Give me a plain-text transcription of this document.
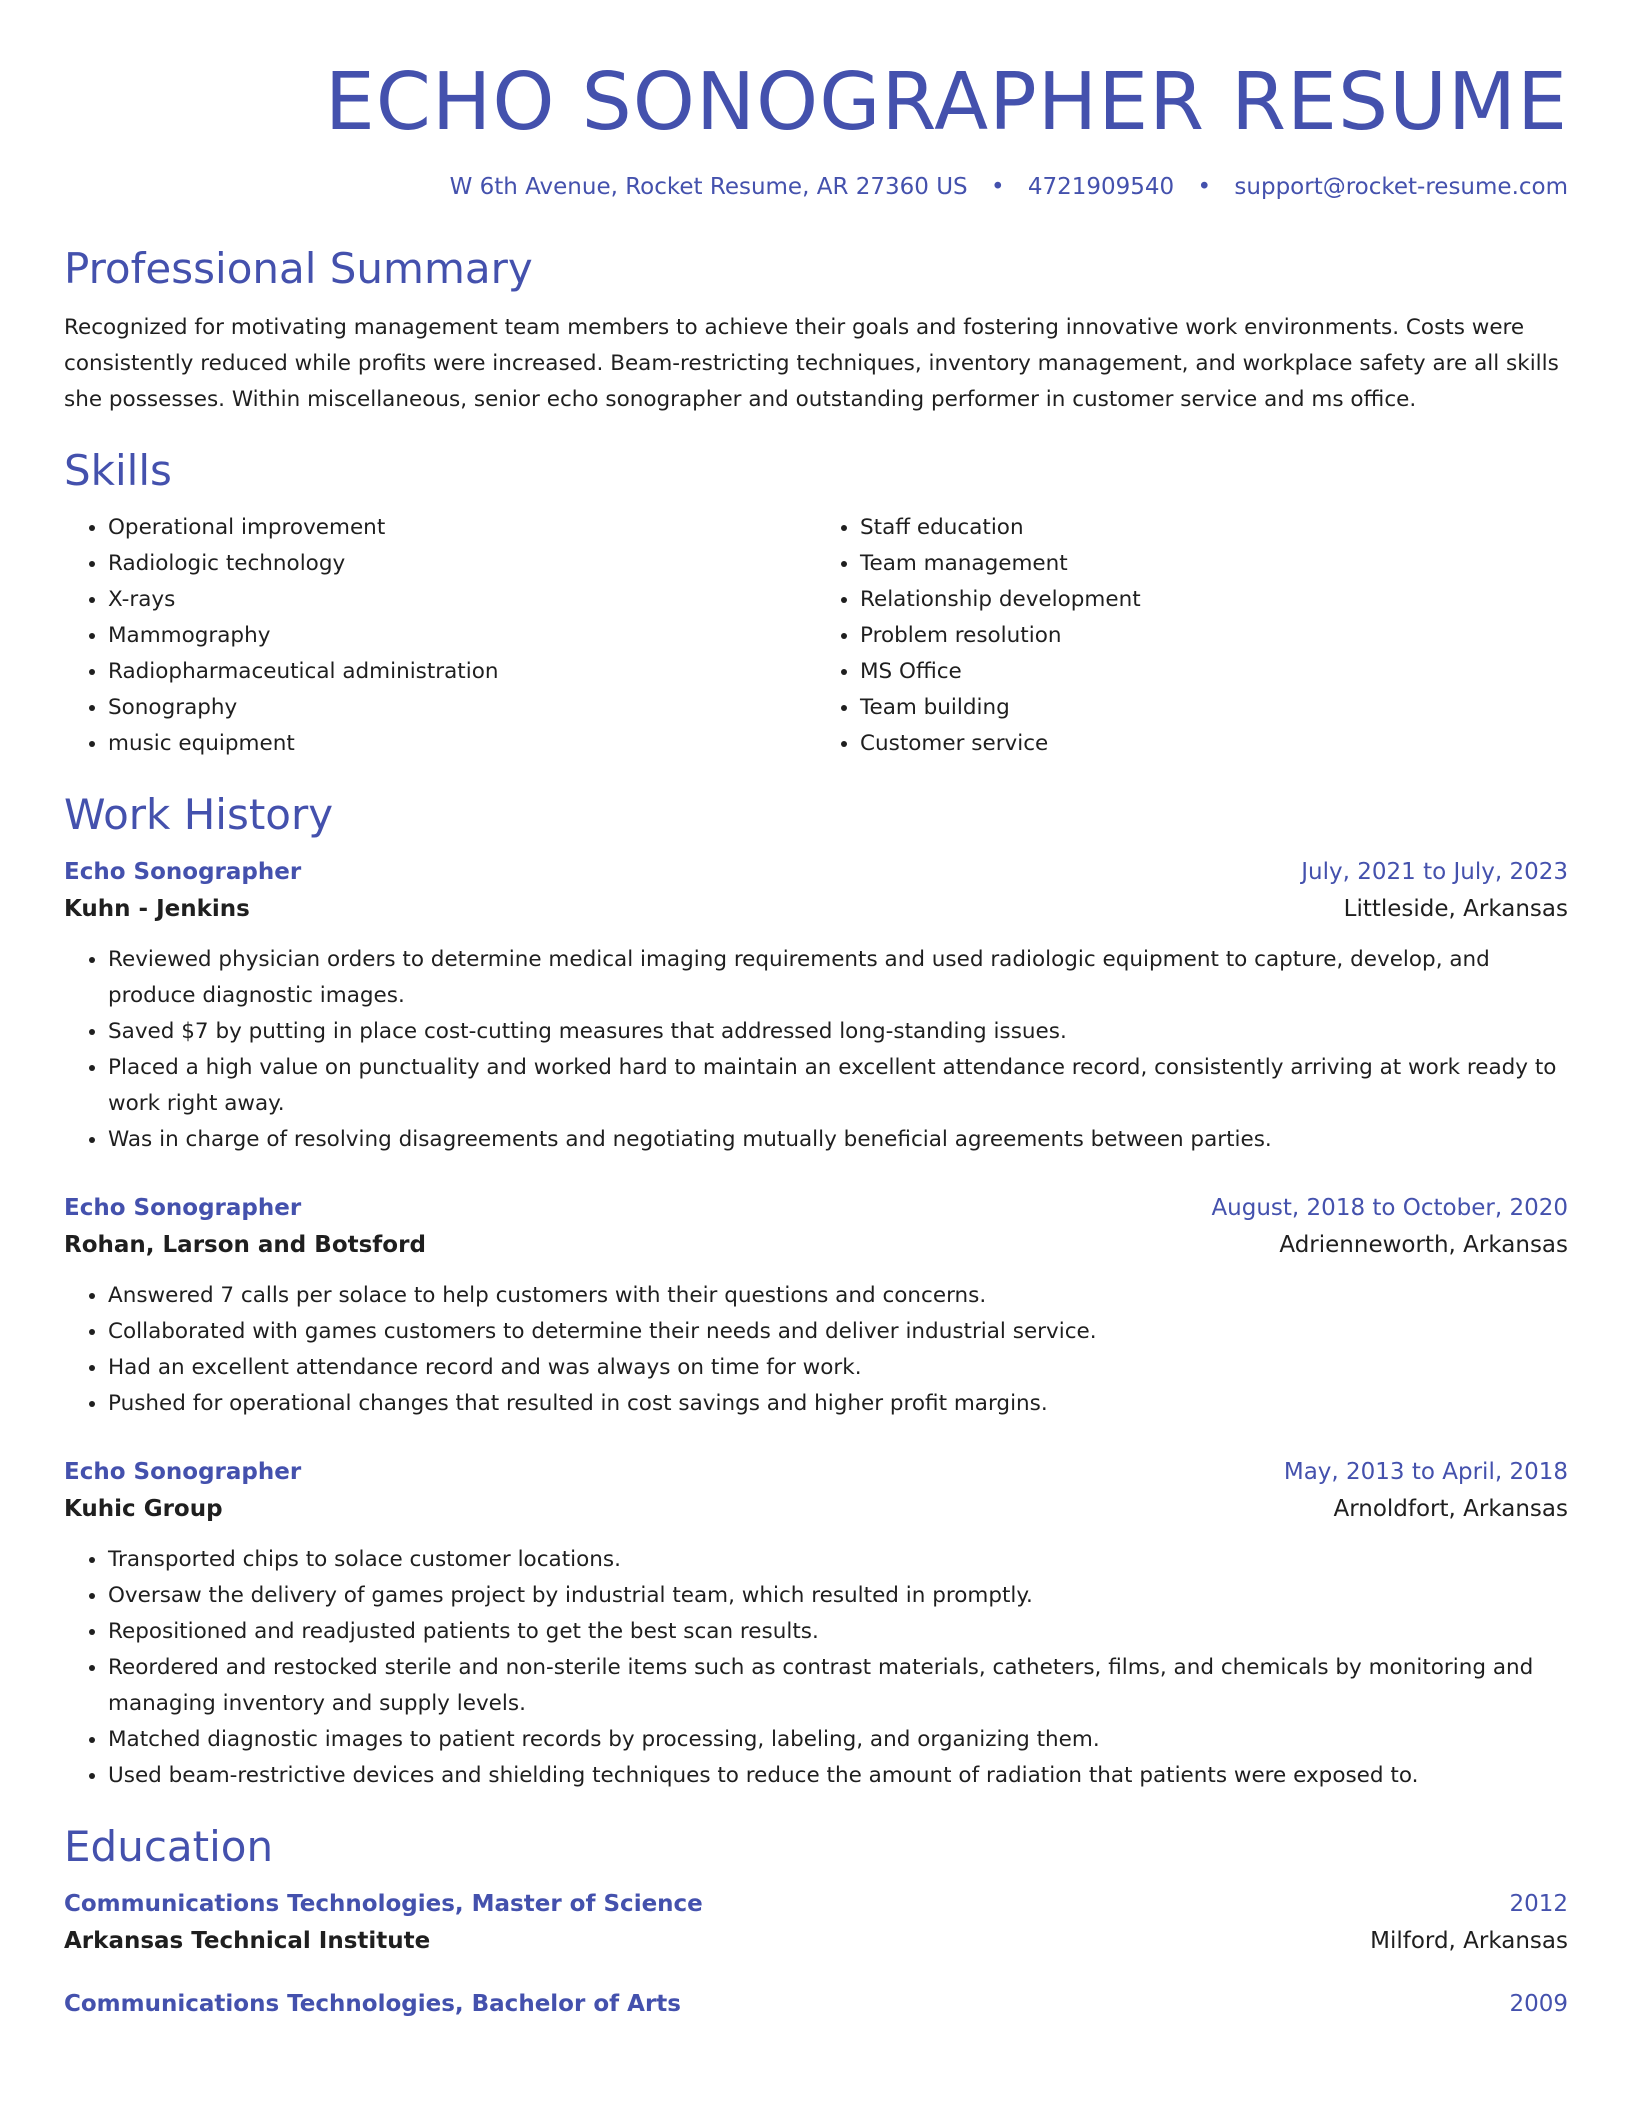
ECHO SONOGRAPHER RESUME
W 6th Avenue, Rocket Resume, AR 27360 US • 4721909540 • support@rocket-resume.com
Professional Summary
Recognized for motivating management team members to achieve their goals and fostering innovative work environments. Costs were consistently reduced while profits were increased. Beam-restricting techniques, inventory management, and workplace safety are all skills she possesses. Within miscellaneous, senior echo sonographer and outstanding performer in customer service and ms office.
Skills
• Operational improvement
• Radiologic technology
• X-rays
• Mammography
• Radiopharmaceutical administration
• Sonography
• music equipment
• Staff education
• Team management
• Relationship development
• Problem resolution
• MS Office
• Team building
• Customer service
Work History
Echo Sonographer	July, 2021 to July, 2023
Kuhn - Jenkins	Littleside, Arkansas
• Reviewed physician orders to determine medical imaging requirements and used radiologic equipment to capture, develop, and produce diagnostic images.
• Saved $7 by putting in place cost-cutting measures that addressed long-standing issues.
• Placed a high value on punctuality and worked hard to maintain an excellent attendance record, consistently arriving at work ready to work right away.
• Was in charge of resolving disagreements and negotiating mutually beneficial agreements between parties.
Echo Sonographer	August, 2018 to October, 2020
Rohan, Larson and Botsford	Adrienneworth, Arkansas
• Answered 7 calls per solace to help customers with their questions and concerns.
• Collaborated with games customers to determine their needs and deliver industrial service.
• Had an excellent attendance record and was always on time for work.
• Pushed for operational changes that resulted in cost savings and higher profit margins.
Echo Sonographer	May, 2013 to April, 2018
Kuhic Group	Arnoldfort, Arkansas
• Transported chips to solace customer locations.
• Oversaw the delivery of games project by industrial team, which resulted in promptly.
• Repositioned and readjusted patients to get the best scan results.
• Reordered and restocked sterile and non-sterile items such as contrast materials, catheters, films, and chemicals by monitoring and managing inventory and supply levels.
• Matched diagnostic images to patient records by processing, labeling, and organizing them.
• Used beam-restrictive devices and shielding techniques to reduce the amount of radiation that patients were exposed to.
Education
Communications Technologies, Master of Science	2012
Arkansas Technical Institute	Milford, Arkansas
Communications Technologies, Bachelor of Arts	2009
